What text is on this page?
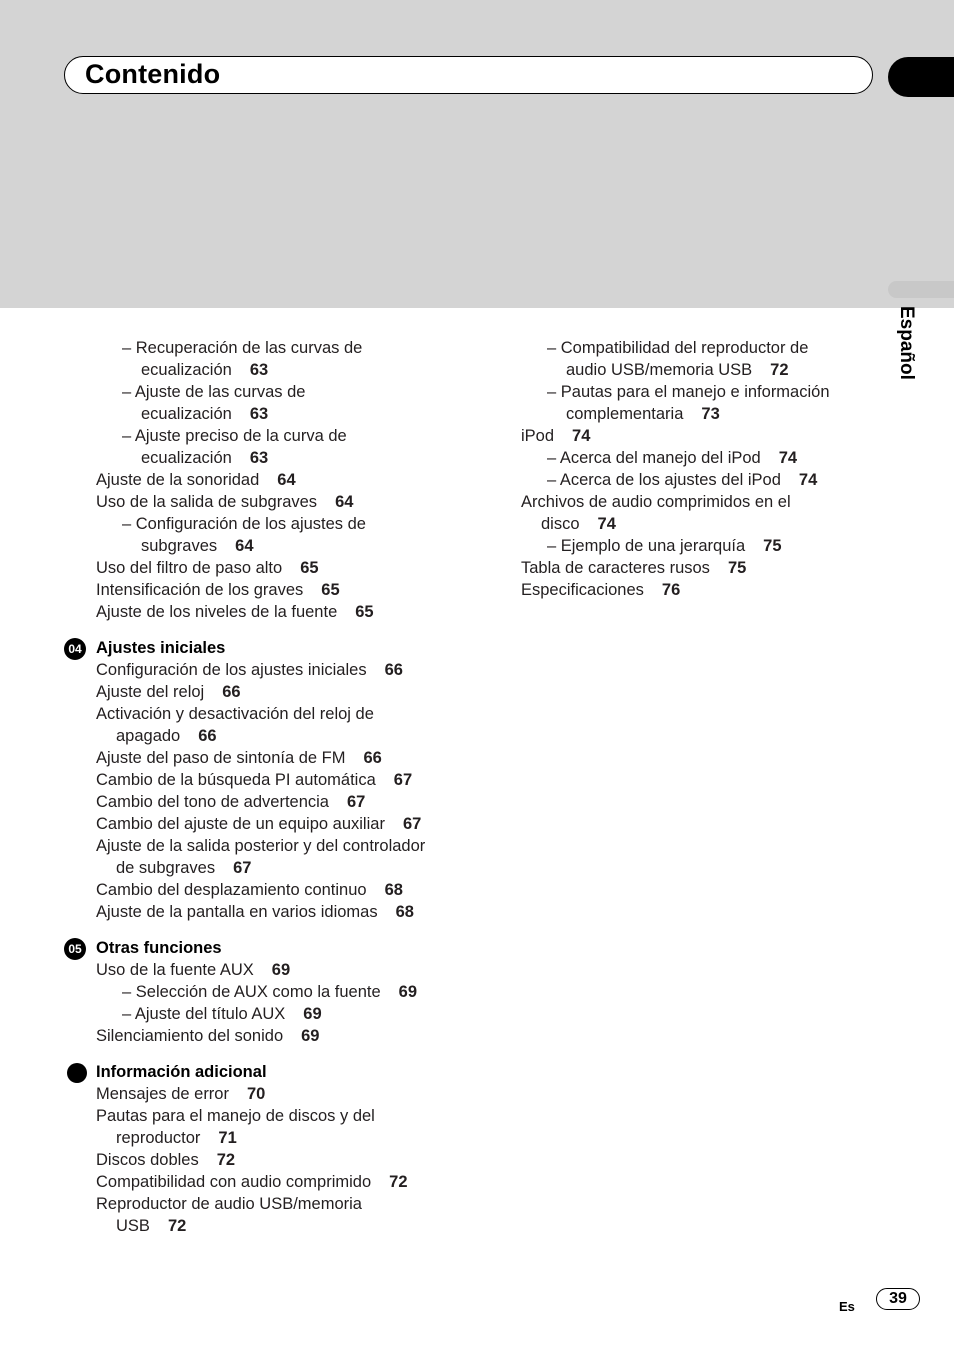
Contenido
Español
– Recuperación de las curvas de
ecualización 63
– Ajuste de las curvas de
ecualización 63
– Ajuste preciso de la curva de
ecualización 63
Ajuste de la sonoridad 64
Uso de la salida de subgraves 64
– Configuración de los ajustes de
subgraves 64
Uso del filtro de paso alto 65
Intensificación de los graves 65
Ajuste de los niveles de la fuente 65
04 Ajustes iniciales
Configuración de los ajustes iniciales 66
Ajuste del reloj 66
Activación y desactivación del reloj de
apagado 66
Ajuste del paso de sintonía de FM 66
Cambio de la búsqueda PI automática 67
Cambio del tono de advertencia 67
Cambio del ajuste de un equipo auxiliar 67
Ajuste de la salida posterior y del controlador
de subgraves 67
Cambio del desplazamiento continuo 68
Ajuste de la pantalla en varios idiomas 68
05 Otras funciones
Uso de la fuente AUX 69
– Selección de AUX como la fuente 69
– Ajuste del título AUX 69
Silenciamiento del sonido 69
Información adicional
Mensajes de error 70
Pautas para el manejo de discos y del
reproductor 71
Discos dobles 72
Compatibilidad con audio comprimido 72
Reproductor de audio USB/memoria
USB 72
– Compatibilidad del reproductor de
audio USB/memoria USB 72
– Pautas para el manejo e información
complementaria 73
iPod 74
– Acerca del manejo del iPod 74
– Acerca de los ajustes del iPod 74
Archivos de audio comprimidos en el
disco 74
– Ejemplo de una jerarquía 75
Tabla de caracteres rusos 75
Especificaciones 76
Es	39
